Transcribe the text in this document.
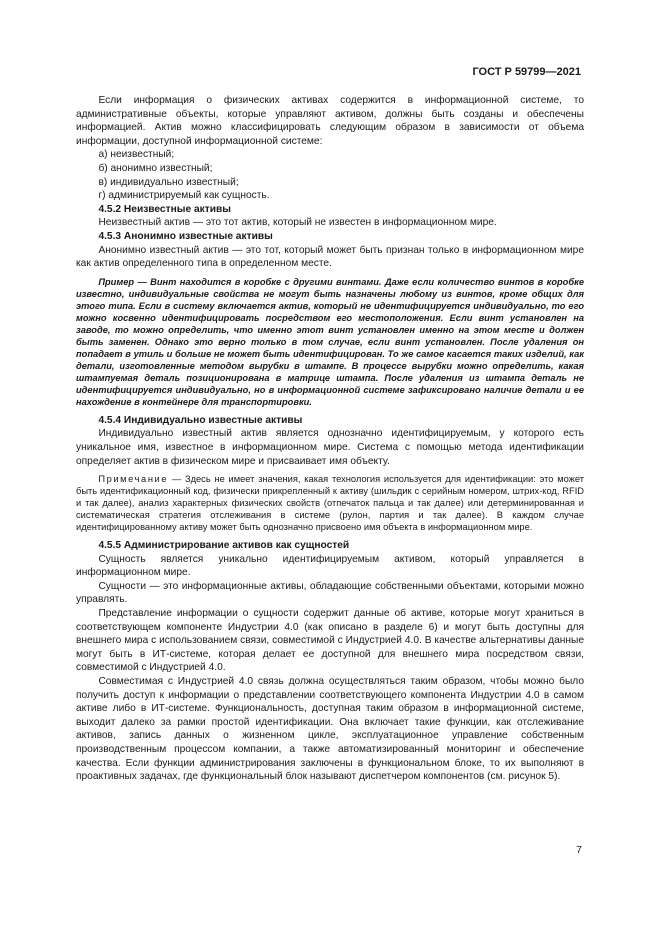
ГОСТ Р 59799—2021

Если информация о физических активах содержится в информационной системе, то административные объекты, которые управляют активом, должны быть созданы и обеспечены информацией. Актив можно классифицировать следующим образом в зависимости от объема информации, доступной информационной системе:

а) неизвестный;

б) анонимно известный;

в) индивидуально известный;

г) администрируемый как сущность.

4.5.2 Неизвестные активы

Неизвестный актив — это тот актив, который не известен в информационном мире.

4.5.3 Анонимно известные активы

Анонимно известный актив — это тот, который может быть признан только в информационном мире как актив определенного типа в определенном месте.

Пример — Винт находится в коробке с другими винтами. Даже если количество винтов в коробке известно, индивидуальные свойства не могут быть назначены любому из винтов, кроме общих для этого типа. Если в систему включается актив, который не идентифицируется индивидуально, то его можно косвенно идентифицировать посредством его местоположения. Если винт установлен на заводе, то можно определить, что именно этот винт установлен именно на этом месте и должен быть заменен. Однако это верно только в том случае, если винт установлен. После удаления он попадает в утиль и больше не может быть идентифицирован. То же самое касается таких изделий, как детали, изготовленные методом вырубки в штампе. В процессе вырубки можно определить, какая штампуемая деталь позиционирована в матрице штампа. После удаления из штампа деталь не идентифицируется индивидуально, но в информационной системе зафиксировано наличие детали и ее нахождение в контейнере для транспортировки.

4.5.4 Индивидуально известные активы

Индивидуально известный актив является однозначно идентифицируемым, у которого есть уникальное имя, известное в информационном мире. Система с помощью метода идентификации определяет актив в физическом мире и присваивает имя объекту.

Примечание — Здесь не имеет значения, какая технология используется для идентификации: это может быть идентификационный код, физически прикрепленный к активу (шильдик с серийным номером, штрих-код, RFID и так далее), анализ характерных физических свойств (отпечаток пальца и так далее) или детерминированная и систематическая стратегия отслеживания в системе (рулон, партия и так далее). В каждом случае идентифицированному активу может быть однозначно присвоено имя объекта в информационном мире.

4.5.5 Администрирование активов как сущностей

Сущность является уникально идентифицируемым активом, который управляется в информационном мире.

Сущности — это информационные активы, обладающие собственными объектами, которыми можно управлять.

Представление информации о сущности содержит данные об активе, которые могут храниться в соответствующем компоненте Индустрии 4.0 (как описано в разделе 6) и могут быть доступны для внешнего мира с использованием связи, совместимой с Индустрией 4.0. В качестве альтернативы данные могут быть в ИТ-системе, которая делает ее доступной для внешнего мира посредством связи, совместимой с Индустрией 4.0.

Совместимая с Индустрией 4.0 связь должна осуществляться таким образом, чтобы можно было получить доступ к информации о представлении соответствующего компонента Индустрии 4.0 в самом активе либо в ИТ-системе. Функциональность, доступная таким образом в информационной системе, выходит далеко за рамки простой идентификации. Она включает такие функции, как отслеживание активов, запись данных о жизненном цикле, эксплуатационное управление собственным производственным процессом компании, а также автоматизированный мониторинг и обеспечение качества. Если функции администрирования заключены в функциональном блоке, то их выполняют в проактивных задачах, где функциональный блок называют диспетчером компонентов (см. рисунок 5).

7
